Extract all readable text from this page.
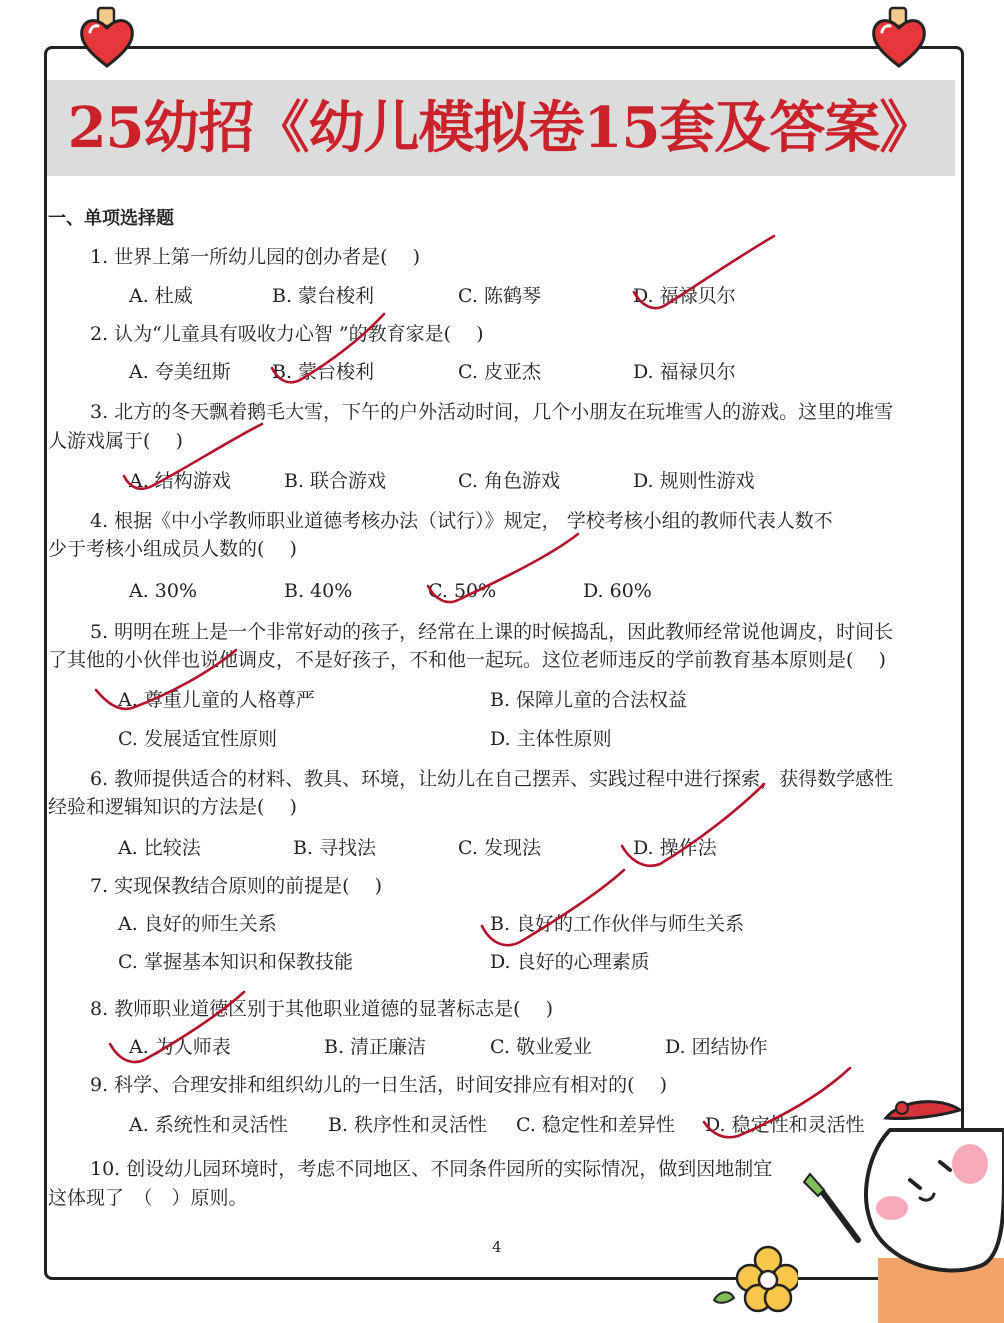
25幼招《幼儿模拟卷15套及答案》
一、单项选择题
1. 世界上第一所幼儿园的创办者是(　 )
A. 杜威	B. 蒙台梭利	C. 陈鹤琴	D. 福禄贝尔
2. 认为“儿童具有吸收力心智 ”的教育家是(　 )
A. 夸美纽斯 B. 蒙台梭利	C. 皮亚杰	D. 福禄贝尔
3. 北方的冬天飘着鹅毛大雪，下午的户外活动时间，几个小朋友在玩堆雪人的游戏。这里的堆雪
人游戏属于(　 )
A. 结构游戏	B. 联合游戏	C. 角色游戏	D. 规则性游戏
4. 根据《中小学教师职业道德考核办法（试行）》规定， 学校考核小组的教师代表人数不
少于考核小组成员人数的(　 )
A. 30%	B. 40%	C. 50%	D. 60%
5. 明明在班上是一个非常好动的孩子，经常在上课的时候捣乱，因此教师经常说他调皮，时间长
了其他的小伙伴也说他调皮，不是好孩子，不和他一起玩。这位老师违反的学前教育基本原则是(　 )
A. 尊重儿童的人格尊严	B. 保障儿童的合法权益
C. 发展适宜性原则	D. 主体性原则
6. 教师提供适合的材料、教具、环境，让幼儿在自己摆弄、实践过程中进行探索，获得数学感性
经验和逻辑知识的方法是(　 )
A. 比较法	B. 寻找法	C. 发现法	D. 操作法
7. 实现保教结合原则的前提是(　 )
A. 良好的师生关系	B. 良好的工作伙伴与师生关系
C. 掌握基本知识和保教技能	D. 良好的心理素质
8. 教师职业道德区别于其他职业道德的显著标志是(　 )
A. 为人师表	B. 清正廉洁	C. 敬业爱业	D. 团结协作
9. 科学、合理安排和组织幼儿的一日生活，时间安排应有相对的(　 )
A. 系统性和灵活性 B. 秩序性和灵活性 C. 稳定性和差异性 D. 稳定性和灵活性
10. 创设幼儿园环境时，考虑不同地区、不同条件园所的实际情况，做到因地制宜
这体现了　（　）原则。
4
